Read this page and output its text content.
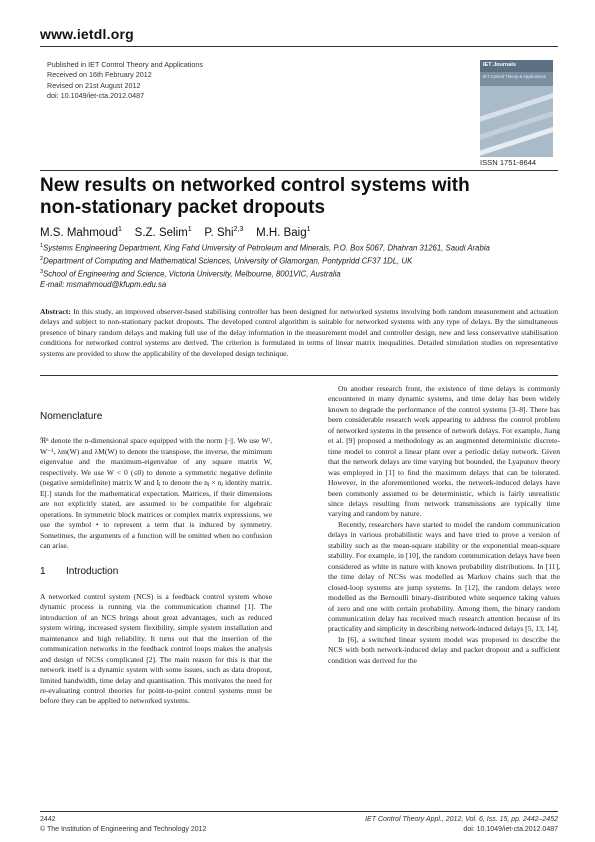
www.ietdl.org
Published in IET Control Theory and Applications
Received on 16th February 2012
Revised on 21st August 2012
doi: 10.1049/iet-cta.2012.0487
IET Journals
IET Control Theory & Applications
ISSN 1751-8644
New results on networked control systems with
non-stationary packet dropouts
M.S. Mahmoud$^1$ S.Z. Selim$^1$ P. Shi$^{2,3}$ M.H. Baig$^1$
$^1$Systems Engineering Department, King Fahd University of Petroleum and Minerals, P.O. Box 5067, Dhahran 31261, Saudi Arabia
$^2$Department of Computing and Mathematical Sciences, University of Glamorgan, Pontypridd CF37 1DL, UK
$^3$School of Engineering and Science, Victoria University, Melbourne, 8001VIC, Australia
E-mail: msmahmoud@kfupm.edu.sa
Abstract: In this study, an improved observer-based stabilising controller has been designed for networked systems involving both random measurement and actuation delays and subject to non-stationary packet dropouts. The developed control algorithm is suitable for networked systems with any type of delays. By the simultaneous presence of binary random delays and making full use of the delay information in the measurement model and controller design, new and less conservative stabilisation conditions for networked control systems are derived. The criterion is formulated in terms of linear matrix inequalities. Detailed simulation studies on representative systems are provided to show the applicability of the developed design technique.
Nomenclature

ℜⁿ denote the n-dimensional space equipped with the norm ||·||. We use Wᵗ, W⁻¹, λm(W) and λM(W) to denote the transpose, the inverse, the minimum eigenvalue and the maximum-eigenvalue of any square matrix W, respectively. We use W < 0 (≤0) to denote a symmetric negative definite (negative semidefinite) matrix W and Iⱼ to denote the nⱼ × nⱼ identity matrix. E[.] stands for the mathematical expectation. Matrices, if their dimensions are not explicitly stated, are assumed to be compatible for algebraic operations. In symmetric block matrices or complex matrix expressions, we use the symbol • to represent a term that is induced by symmetry. Sometimes, the arguments of a function will be omitted when no confusion can arise.

1 Introduction

A networked control system (NCS) is a feedback control system whose dynamic process is running via the communication channel [1]. The introduction of an NCS brings about great advantages, such as reduced system wiring, increased system flexibility, simple system installation and maintenance and high reliability. It turns out that the insertion of the communication networks in the feedback control loops makes the analysis and design of NCSs complicated [2]. The main reason for this is that the network itself is a dynamic system with some issues, such as data dropout, limited bandwidth, time delay and quantisation. This motivates the need for re-evaluating control theories for point-to-point control systems must be before they can be applied to networked systems.

On another research front, the existence of time delays is commonly encountered in many dynamic systems, and time delay has been widely known to degrade the performance of the control systems [3–8]. There has been considerable research work appearing to address the control problem of networked systems in the presence of network delays. For example, Jiang et al. [9] proposed a methodology as an augmented deterministic discrete-time model to control a linear plant over a periodic delay network. Given that the network delays are time varying but bounded, the Lyapunov theory was employed in [1] to find the maximum delays that can be tolerated. However, in the aforementioned works, the network-induced delays have been commonly assumed to be deterministic, which is fairly unrealistic since delays resulting from network transmissions are typically time varying and random by nature.

Recently, researchers have started to model the random communication delays in various probabilistic ways and have tried to prove a version of stability such as the mean-square stability or the exponential mean-square stability. For example, in [10], the random communication delays have been considered as white in nature with known probability distributions. In [11], the time delay of NCSs was modelled as Markov chains such that the closed-loop systems are jump systems. In [12], the random delays were modelled as the Bernoulli binary-distributed white sequence taking values of zero and one with certain probability. Among them, the binary random communication delay has received much research attention because of its practicality and simplicity in describing network-induced delays [5, 13, 14].

In [6], a switched linear system model was proposed to describe the NCS with both network-induced delay and packet dropout and a sufficient condition was derived for the

2442
© The Institution of Engineering and Technology 2012
IET Control Theory Appl., 2012, Vol. 6, Iss. 15, pp. 2442–2452
doi: 10.1049/iet-cta.2012.0487
